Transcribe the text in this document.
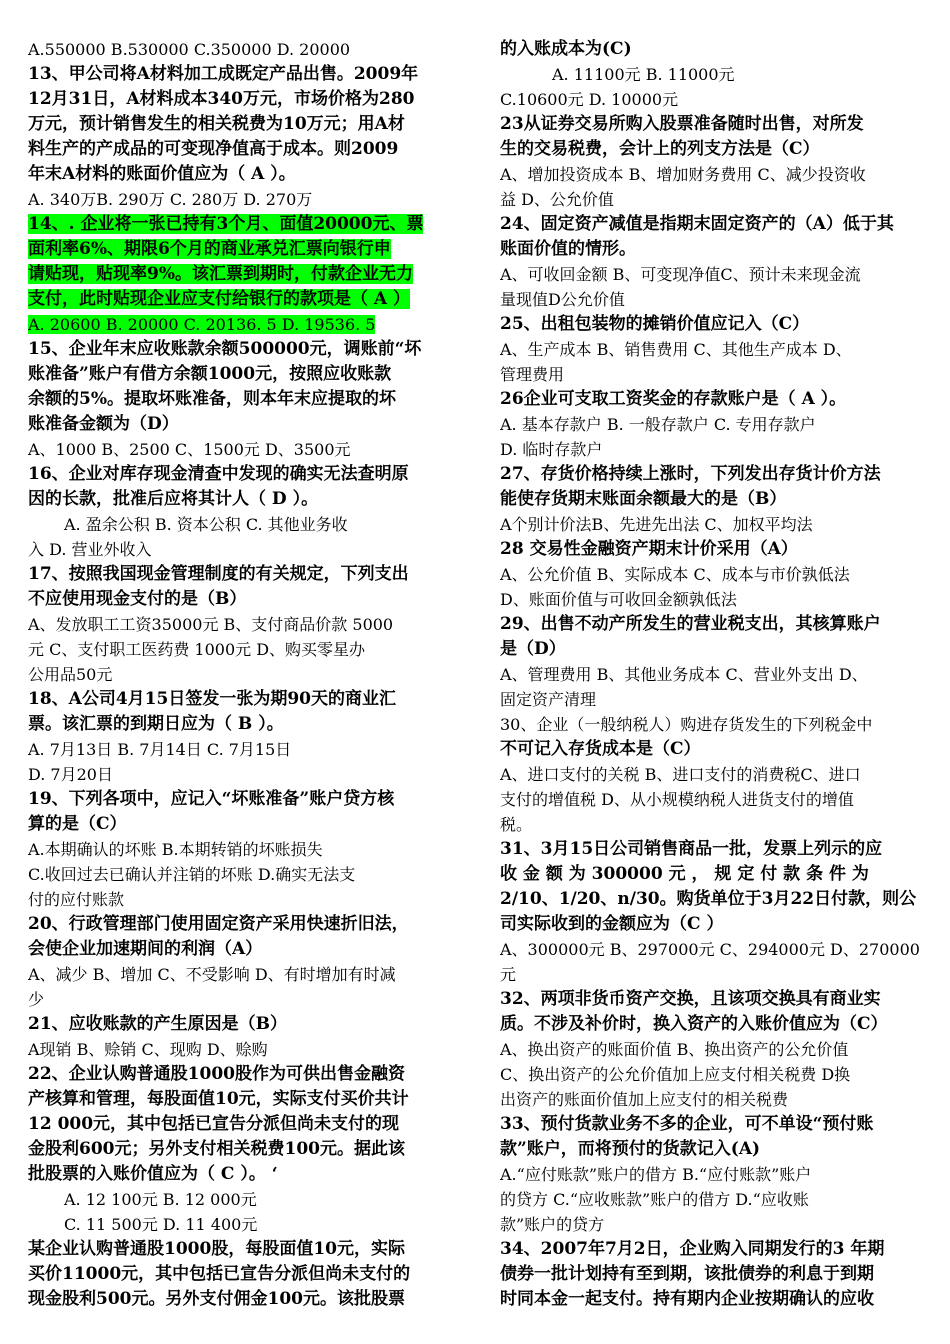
A.550000 B.530000 C.350000 D. 20000
13、甲公司将A材料加工成既定产品出售。2009年
12月31日，A材料成本340万元，市场价格为280
万元，预计销售发生的相关税费为10万元；用A材
料生产的产成品的可变现净值高于成本。则2009
年末A材料的账面价值应为（ A ）。
A. 340万B. 290万 C. 280万 D. 270万
14、. 企业将一张已持有3个月、面值20000元、票
面利率6%、期限6个月的商业承兑汇票向银行申
请贴现，贴现率9%。该汇票到期时，付款企业无力
支付，此时贴现企业应支付给银行的款项是（ A ）
A. 20600 B. 20000 C. 20136. 5 D. 19536. 5
15、企业年末应收账款余额500000元，调账前“坏
账准备”账户有借方余额1000元，按照应收账款
余额的5%。提取坏账准备，则本年末应提取的坏
账准备金额为（D）
A、1000 B、2500 C、1500元 D、3500元
16、企业对库存现金清查中发现的确实无法查明原
因的长款，批准后应将其计人（ D ）。
A. 盈余公积 B. 资本公积 C. 其他业务收
入 D. 营业外收入
17、按照我国现金管理制度的有关规定，下列支出
不应使用现金支付的是（B）
A、发放职工工资35000元 B、支付商品价款 5000
元 C、支付职工医药费 1000元 D、购买零星办
公用品50元
18、A公司4月15日签发一张为期90天的商业汇
票。该汇票的到期日应为（ B ）。
A. 7月13日 B. 7月14日 C. 7月15日
D. 7月20日
19、下列各项中，应记入“坏账准备”账户贷方核
算的是（C）
A.本期确认的坏账 B.本期转销的坏账损失
C.收回过去已确认并注销的坏账 D.确实无法支
付的应付账款
20、行政管理部门使用固定资产采用快速折旧法，
会使企业加速期间的利润（A）
A、减少 B、增加 C、不受影响 D、有时增加有时减
少
21、应收账款的产生原因是（B）
A现销 B、赊销 C、现购 D、赊购
22、企业认购普通股1000股作为可供出售金融资
产核算和管理，每股面值10元，实际支付买价共计
12 000元，其中包括已宣告分派但尚未支付的现
金股利600元；另外支付相关税费100元。据此该
批股票的入账价值应为（ C ）。 ‘
A. 12 100元 B. 12 000元
C. 11 500元 D. 11 400元
某企业认购普通股1000股，每股面值10元，实际
买价11000元，其中包括已宣告分派但尚未支付的
现金股利500元。另外支付佣金100元。该批股票
的入账成本为(C)
A. 11100元 B. 11000元
C.10600元 D. 10000元
23从证券交易所购入股票准备随时出售，对所发
生的交易税费，会计上的列支方法是（C）
A、增加投资成本 B、增加财务费用 C、减少投资收
益 D、公允价值
24、固定资产减值是指期末固定资产的（A）低于其
账面价值的情形。
A、可收回金额 B、可变现净值C、预计未来现金流
量现值D公允价值
25、出租包装物的摊销价值应记入（C）
A、生产成本 B、销售费用 C、其他生产成本 D、
管理费用
26企业可支取工资奖金的存款账户是（ A ）。
A. 基本存款户 B. 一般存款户 C. 专用存款户
D. 临时存款户
27、存货价格持续上涨时，下列发出存货计价方法
能使存货期末账面余额最大的是（B）
A个别计价法B、先进先出法 C、加权平均法
28 交易性金融资产期末计价采用（A）
A、公允价值 B、实际成本 C、成本与市价孰低法
D、账面价值与可收回金额孰低法
29、出售不动产所发生的营业税支出，其核算账户
是（D）
A、管理费用 B、其他业务成本 C、营业外支出 D、
固定资产清理
30、企业（一般纳税人）购进存货发生的下列税金中
不可记入存货成本是（C）
A、进口支付的关税 B、进口支付的消费税C、进口
支付的增值税 D、从小规模纳税人进货支付的增值
税。
31、3月15日公司销售商品一批，发票上列示的应
收 金 额 为 300000 元 ， 规 定 付 款 条 件 为
2/10、1/20、n/30。购货单位于3月22日付款，则公
司实际收到的金额应为（C ）
A、300000元 B、297000元 C、294000元 D、270000
元
32、两项非货币资产交换，且该项交换具有商业实
质。不涉及补价时，换入资产的入账价值应为（C）
A、换出资产的账面价值 B、换出资产的公允价值
C、换出资产的公允价值加上应支付相关税费 D换
出资产的账面价值加上应支付的相关税费
33、预付货款业务不多的企业，可不单设“预付账
款”账户，而将预付的货款记入(A)
A.“应付账款”账户的借方 B.“应付账款”账户
的贷方 C.“应收账款”账户的借方 D.“应收账
款”账户的贷方
34、2007年7月2日，企业购入同期发行的3 年期
债券一批计划持有至到期，该批债券的利息于到期
时同本金一起支付。持有期内企业按期确认的应收
